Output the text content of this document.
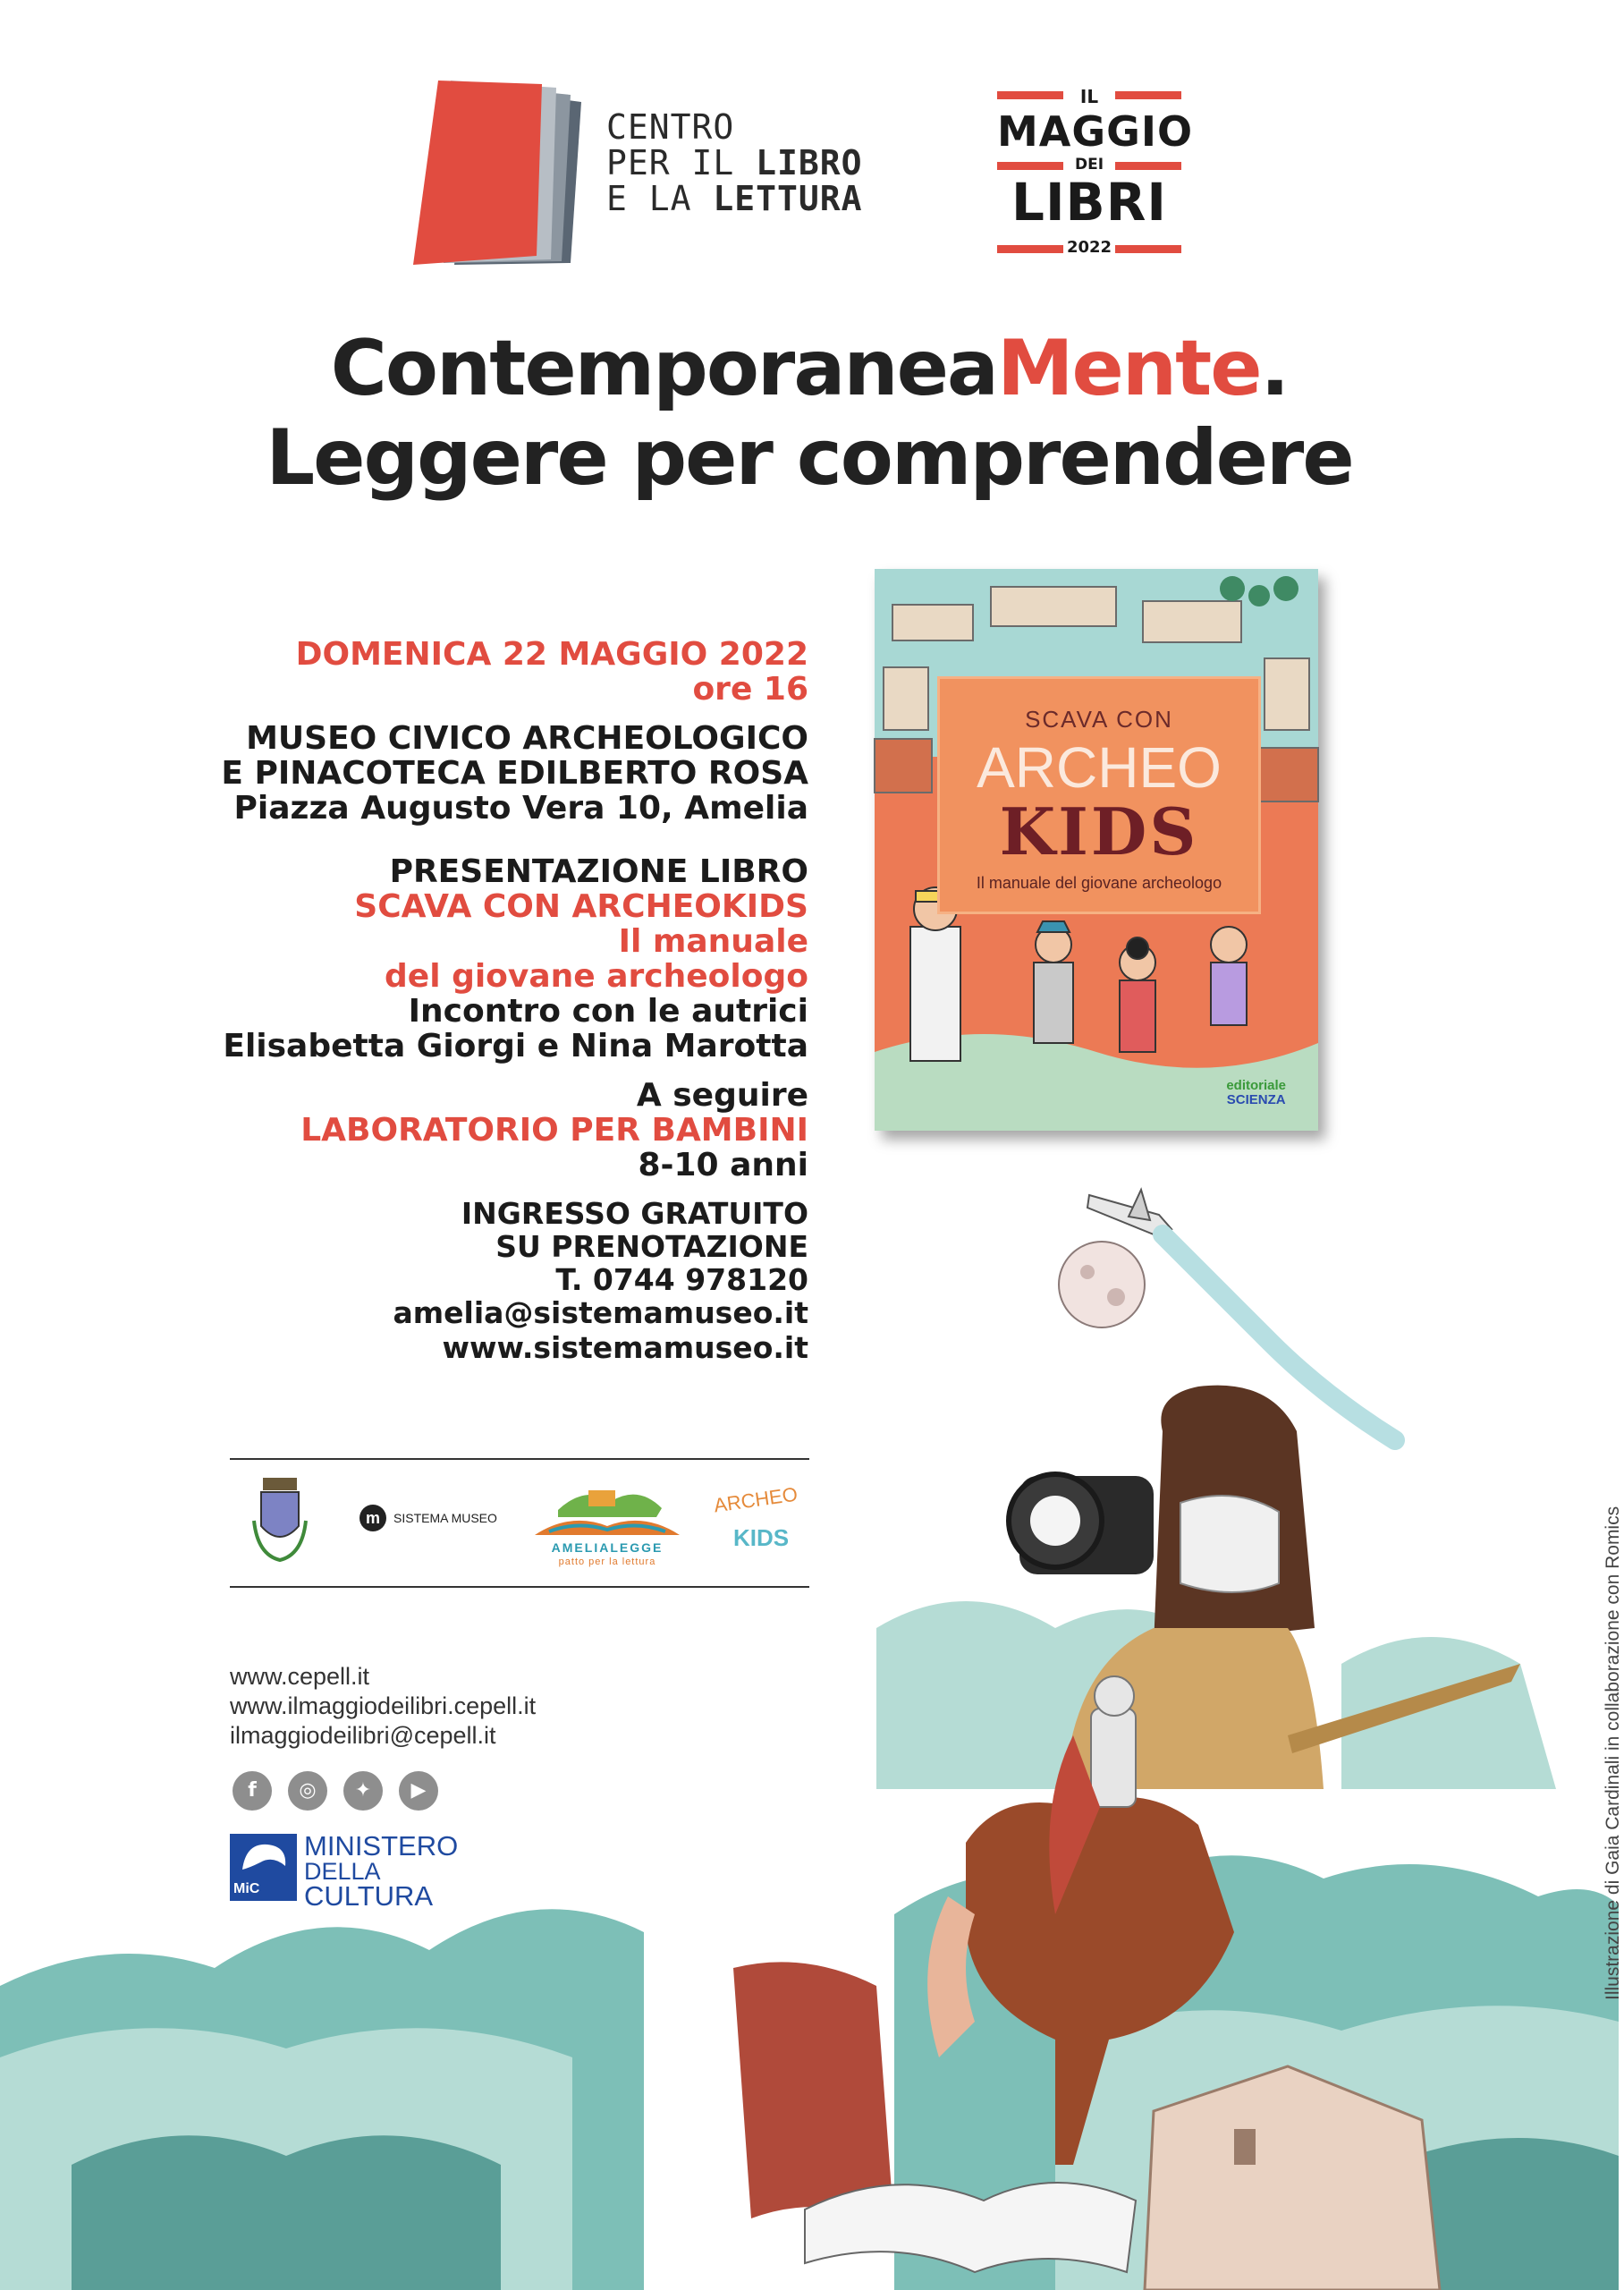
CENTRO
PER IL LIBRO
E LA LETTURA
IL
MAGGIO
DEI
LIBRI
2022
ContemporaneaMente.
Leggere per comprendere
DOMENICA 22 MAGGIO 2022
ore 16
MUSEO CIVICO ARCHEOLOGICO
E PINACOTECA EDILBERTO ROSA
Piazza Augusto Vera 10, Amelia
PRESENTAZIONE LIBRO
SCAVA CON ARCHEOKIDS
Il manuale
del giovane archeologo
Incontro con le autrici
Elisabetta Giorgi e Nina Marotta
A seguire
LABORATORIO PER BAMBINI
8-10 anni
INGRESSO GRATUITO
SU PRENOTAZIONE
T. 0744 978120
amelia@sistemamuseo.it
www.sistemamuseo.it
SCAVA CON
ARCHEO
KIDS
Il manuale del giovane archeologo
editoriale
SCIENZA
m	SISTEMA MUSEO
AMELIALEGGE
patto per la lettura
ARCHEO
KIDS
www.cepell.it
www.ilmaggiodeilibri.cepell.it
ilmaggiodeilibri@cepell.it
f	◎	✦	▶
MiC
MINISTERO
DELLA
CULTURA	Illustrazione di Gaia Cardinali in collaborazione con Romics
